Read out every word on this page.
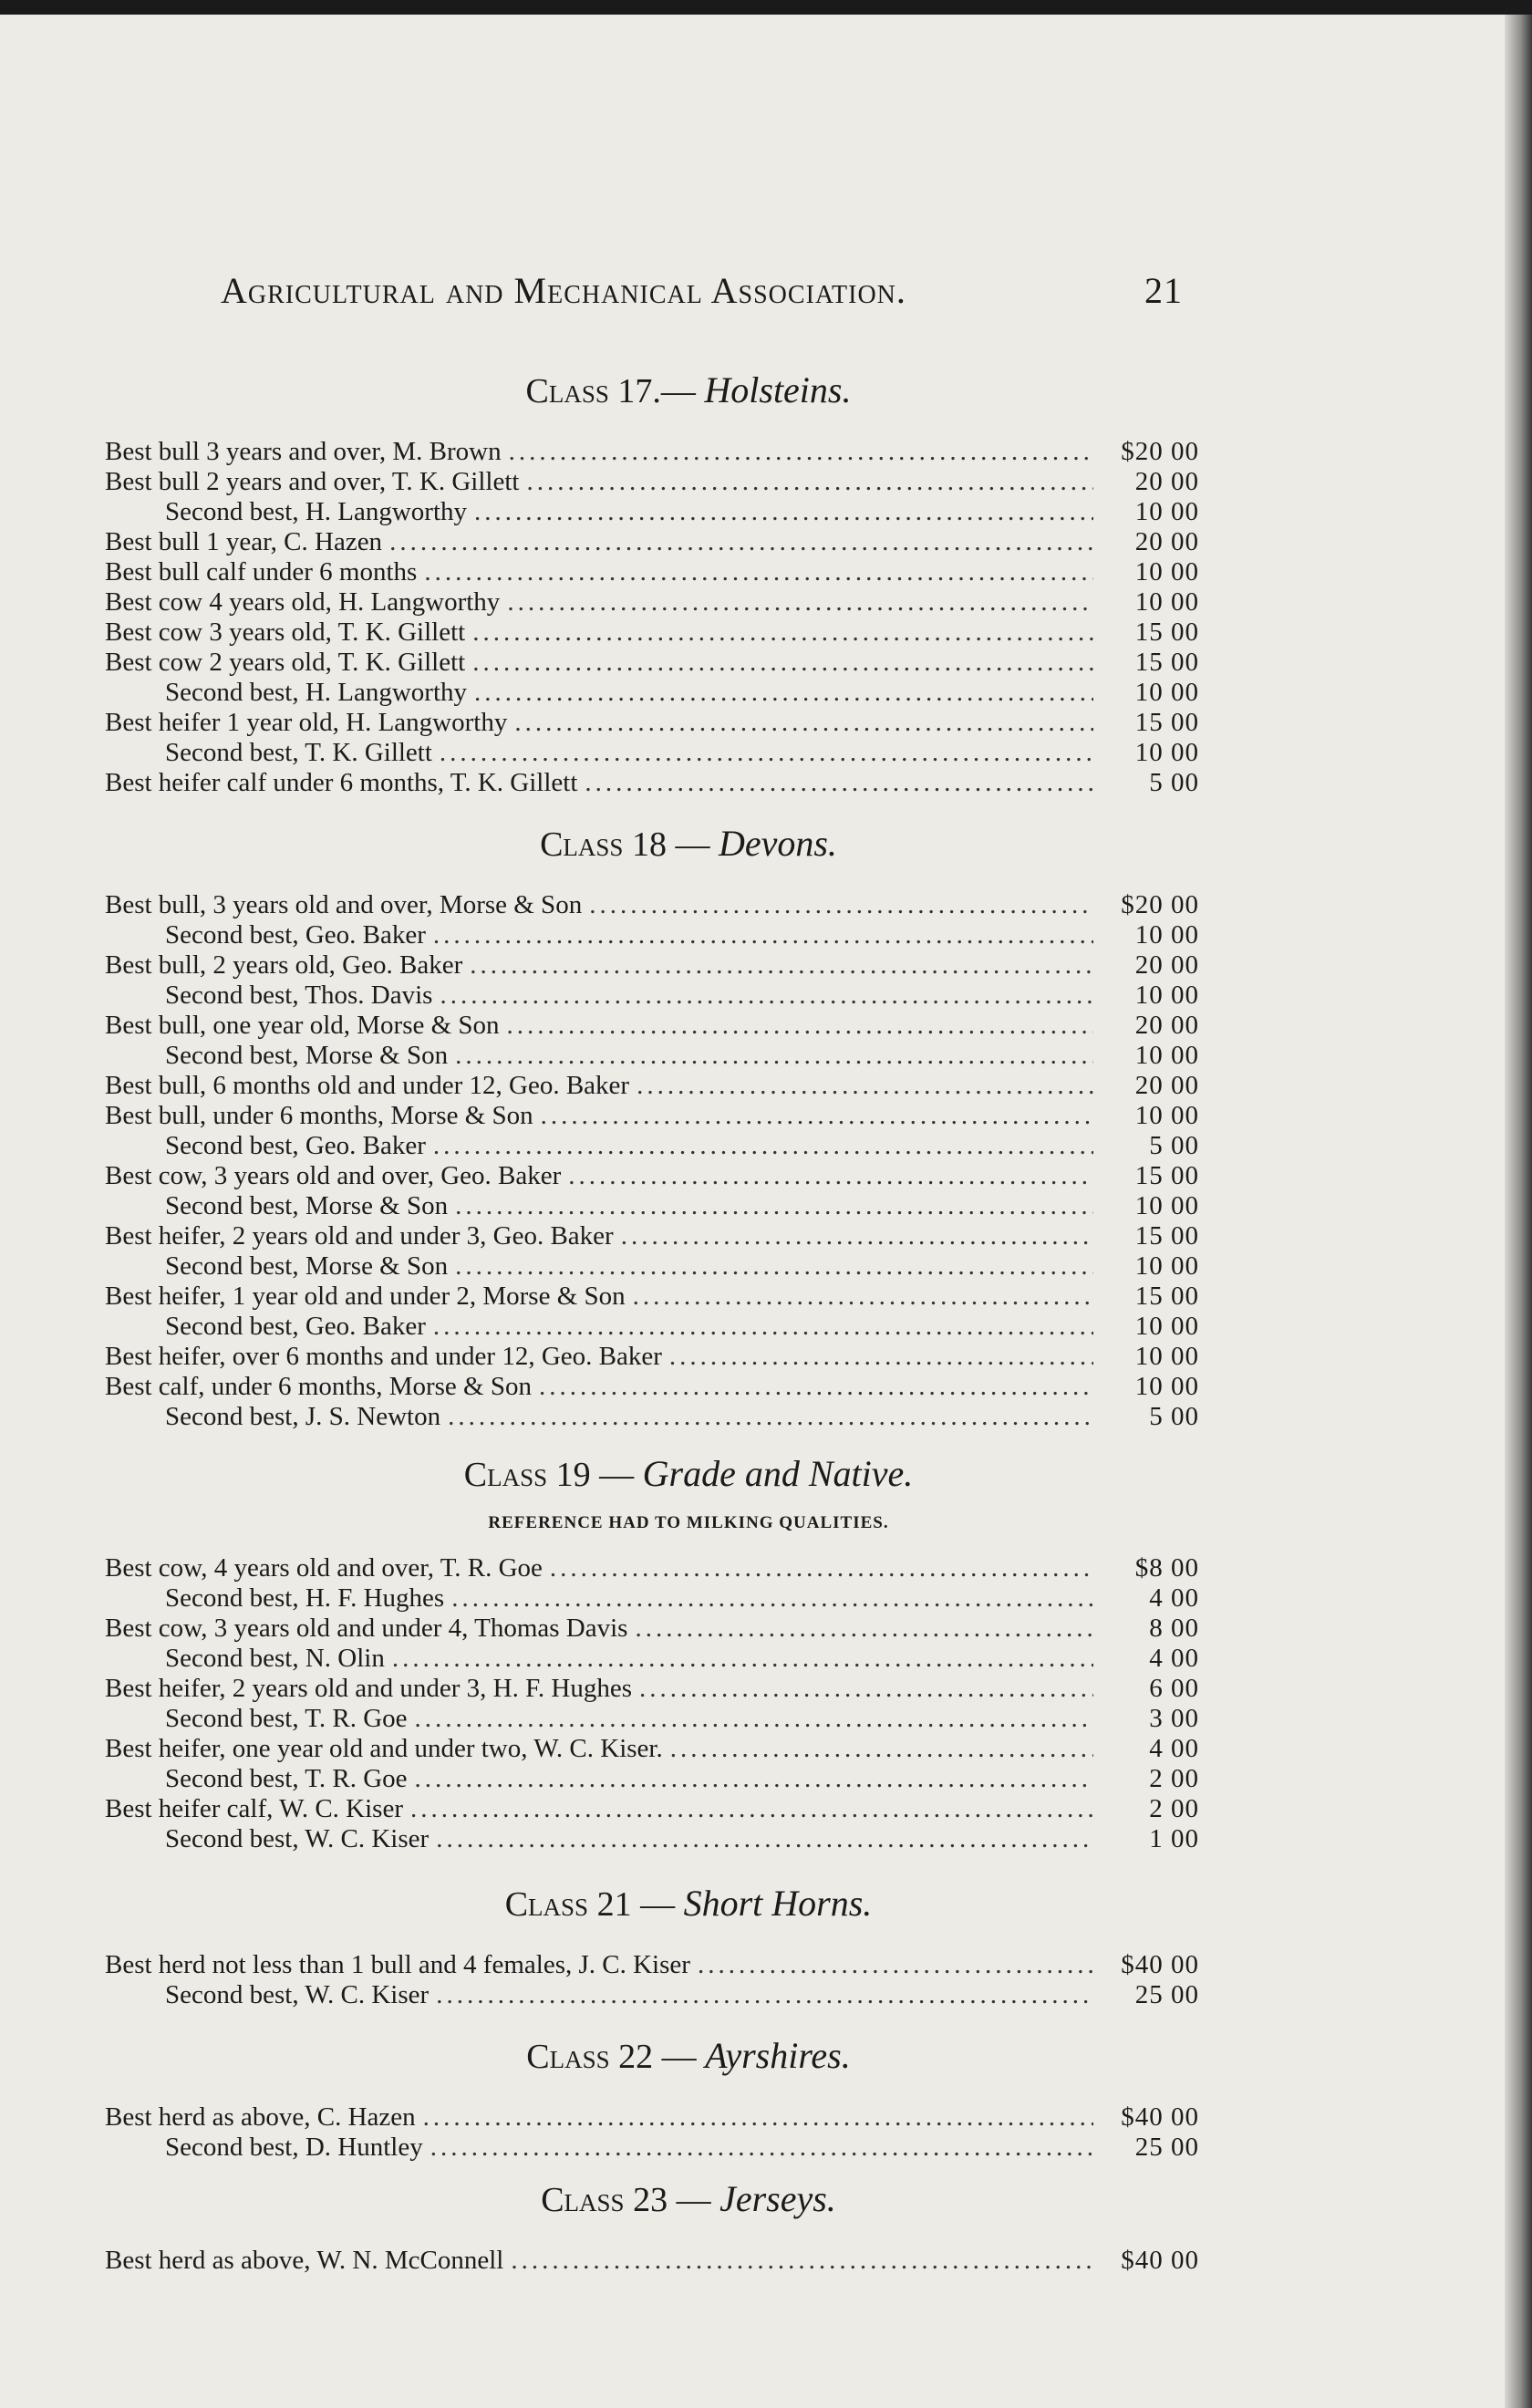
Agricultural and Mechanical Association.	21
Class 17.— Holsteins.
Best bull 3 years and over, M. Brown .....	$20 00
Best bull 2 years and over, T. K. Gillett .....	20 00
Second best, H. Langworthy .....	10 00
Best bull 1 year, C. Hazen .....	20 00
Best bull calf under 6 months .....	10 00
Best cow 4 years old, H. Langworthy .....	10 00
Best cow 3 years old, T. K. Gillett .....	15 00
Best cow 2 years old, T. K. Gillett .....	15 00
Second best, H. Langworthy .....	10 00
Best heifer 1 year old, H. Langworthy .....	15 00
Second best, T. K. Gillett .....	10 00
Best heifer calf under 6 months, T. K. Gillett .....	5 00
Class 18 — Devons.
Best bull, 3 years old and over, Morse & Son .....	$20 00
Second best, Geo. Baker .....	10 00
Best bull, 2 years old, Geo. Baker .....	20 00
Second best, Thos. Davis .....	10 00
Best bull, one year old, Morse & Son .....	20 00
Second best, Morse & Son .....	10 00
Best bull, 6 months old and under 12, Geo. Baker .....	20 00
Best bull, under 6 months, Morse & Son .....	10 00
Second best, Geo. Baker .....	5 00
Best cow, 3 years old and over, Geo. Baker .....	15 00
Second best, Morse & Son .....	10 00
Best heifer, 2 years old and under 3, Geo. Baker .....	15 00
Second best, Morse & Son .....	10 00
Best heifer, 1 year old and under 2, Morse & Son .....	15 00
Second best, Geo. Baker .....	10 00
Best heifer, over 6 months and under 12, Geo. Baker .....	10 00
Best calf, under 6 months, Morse & Son .....	10 00
Second best, J. S. Newton .....	5 00
Class 19 — Grade and Native.
REFERENCE HAD TO MILKING QUALITIES.
Best cow, 4 years old and over, T. R. Goe .....	$8 00
Second best, H. F. Hughes .....	4 00
Best cow, 3 years old and under 4, Thomas Davis .....	8 00
Second best, N. Olin .....	4 00
Best heifer, 2 years old and under 3, H. F. Hughes .....	6 00
Second best, T. R. Goe .....	3 00
Best heifer, one year old and under two, W. C. Kiser. .....	4 00
Second best, T. R. Goe .....	2 00
Best heifer calf, W. C. Kiser .....	2 00
Second best, W. C. Kiser .....	1 00
Class 21 — Short Horns.
Best herd not less than 1 bull and 4 females, J. C. Kiser .....	$40 00
Second best, W. C. Kiser .....	25 00
Class 22 — Ayrshires.
Best herd as above, C. Hazen .....	$40 00
Second best, D. Huntley .....	25 00
Class 23 — Jerseys.
Best herd as above, W. N. McConnell .....	$40 00
